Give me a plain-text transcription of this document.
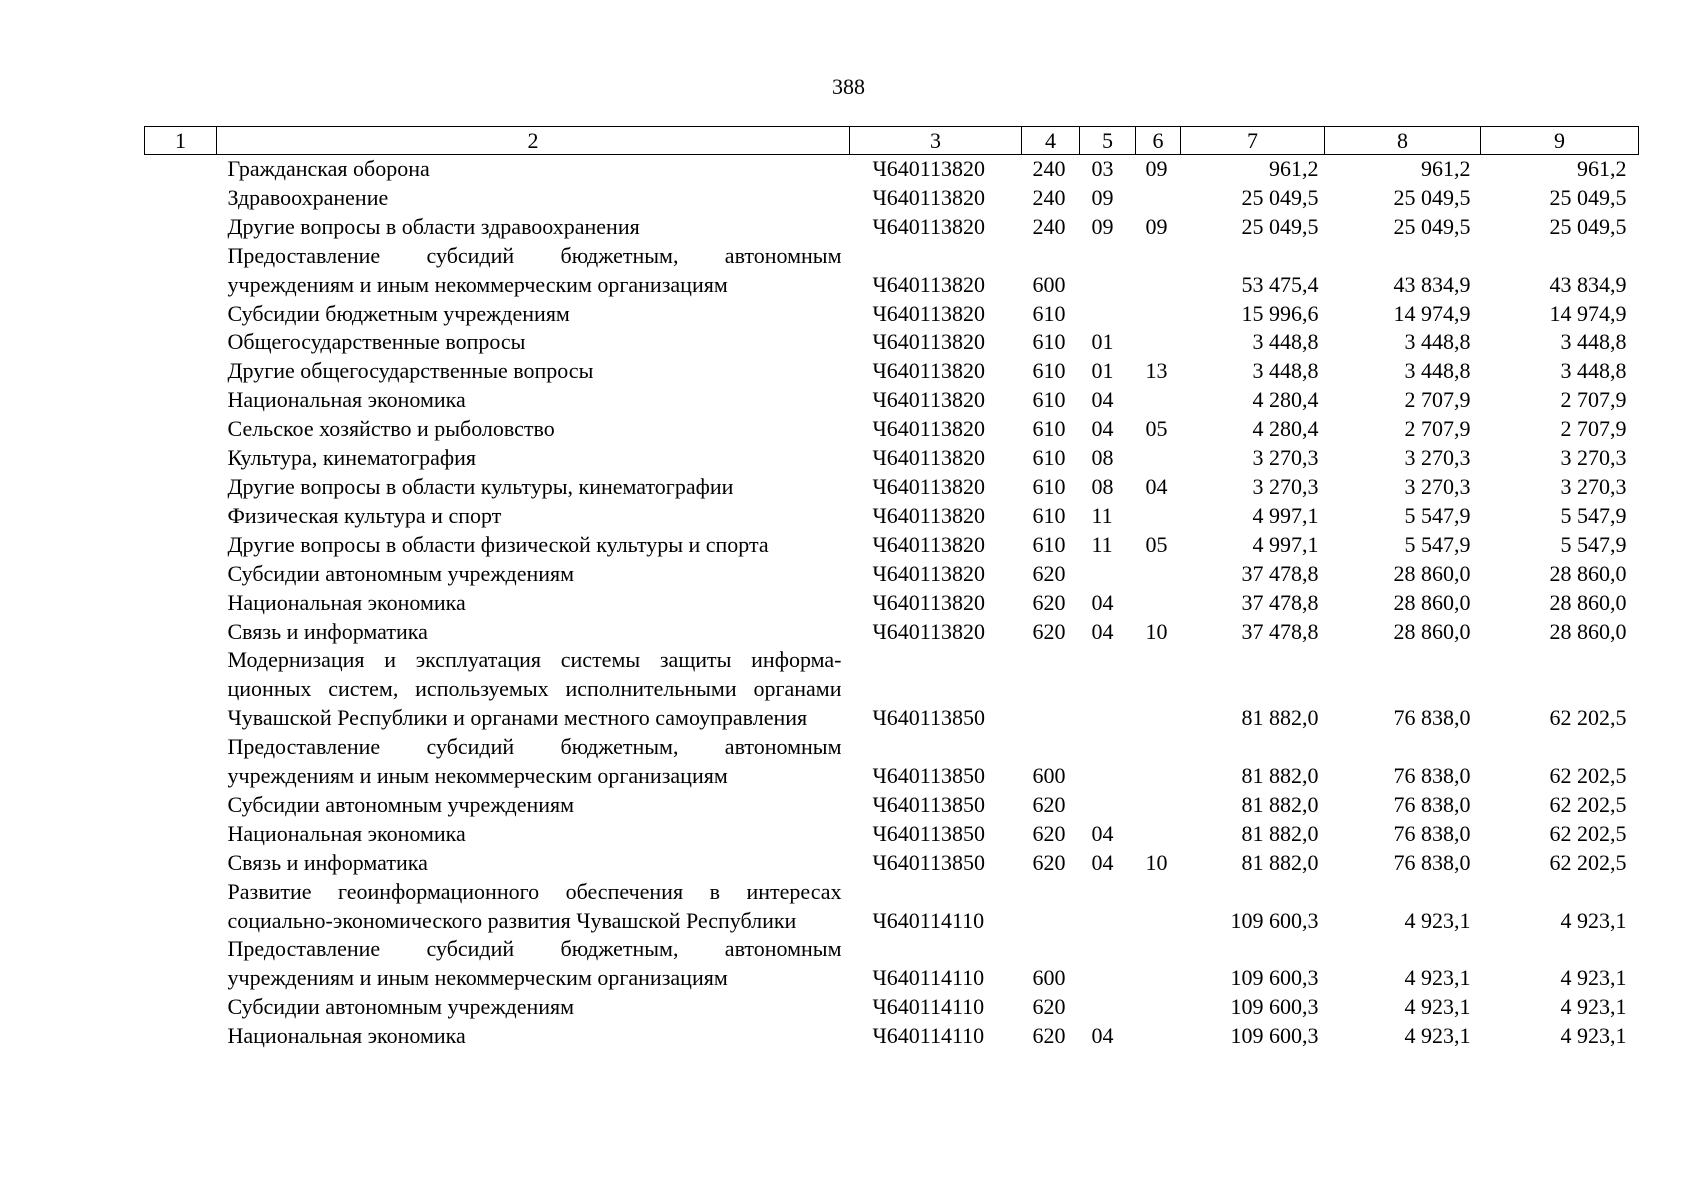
388
1	2	3	4	5	6	7	8	9
	Гражданская оборона	Ч640113820	240	03	09	961,2	961,2	961,2
	Здравоохранение	Ч640113820	240	09		25 049,5	25 049,5	25 049,5
	Другие вопросы в области здравоохранения	Ч640113820	240	09	09	25 049,5	25 049,5	25 049,5
	Предоставление субсидий бюджетным, автономным учреждениям и иным некоммерческим организациям	Ч640113820	600			53 475,4	43 834,9	43 834,9
	Субсидии бюджетным учреждениям	Ч640113820	610			15 996,6	14 974,9	14 974,9
	Общегосударственные вопросы	Ч640113820	610	01		3 448,8	3 448,8	3 448,8
	Другие общегосударственные вопросы	Ч640113820	610	01	13	3 448,8	3 448,8	3 448,8
	Национальная экономика	Ч640113820	610	04		4 280,4	2 707,9	2 707,9
	Сельское хозяйство и рыболовство	Ч640113820	610	04	05	4 280,4	2 707,9	2 707,9
	Культура, кинематография	Ч640113820	610	08		3 270,3	3 270,3	3 270,3
	Другие вопросы в области культуры, кинематографии	Ч640113820	610	08	04	3 270,3	3 270,3	3 270,3
	Физическая культура и спорт	Ч640113820	610	11		4 997,1	5 547,9	5 547,9
	Другие вопросы в области физической культуры и спорта	Ч640113820	610	11	05	4 997,1	5 547,9	5 547,9
	Субсидии автономным учреждениям	Ч640113820	620			37 478,8	28 860,0	28 860,0
	Национальная экономика	Ч640113820	620	04		37 478,8	28 860,0	28 860,0
	Связь и информатика	Ч640113820	620	04	10	37 478,8	28 860,0	28 860,0
	Модернизация и эксплуатация системы защиты информационных систем, используемых исполнительными органами Чувашской Республики и органами местного самоуправления	Ч640113850				81 882,0	76 838,0	62 202,5
	Предоставление субсидий бюджетным, автономным учреждениям и иным некоммерческим организациям	Ч640113850	600			81 882,0	76 838,0	62 202,5
	Субсидии автономным учреждениям	Ч640113850	620			81 882,0	76 838,0	62 202,5
	Национальная экономика	Ч640113850	620	04		81 882,0	76 838,0	62 202,5
	Связь и информатика	Ч640113850	620	04	10	81 882,0	76 838,0	62 202,5
	Развитие геоинформационного обеспечения в интересах социально-экономического развития Чувашской Республики	Ч640114110				109 600,3	4 923,1	4 923,1
	Предоставление субсидий бюджетным, автономным учреждениям и иным некоммерческим организациям	Ч640114110	600			109 600,3	4 923,1	4 923,1
	Субсидии автономным учреждениям	Ч640114110	620			109 600,3	4 923,1	4 923,1
	Национальная экономика	Ч640114110	620	04		109 600,3	4 923,1	4 923,1
